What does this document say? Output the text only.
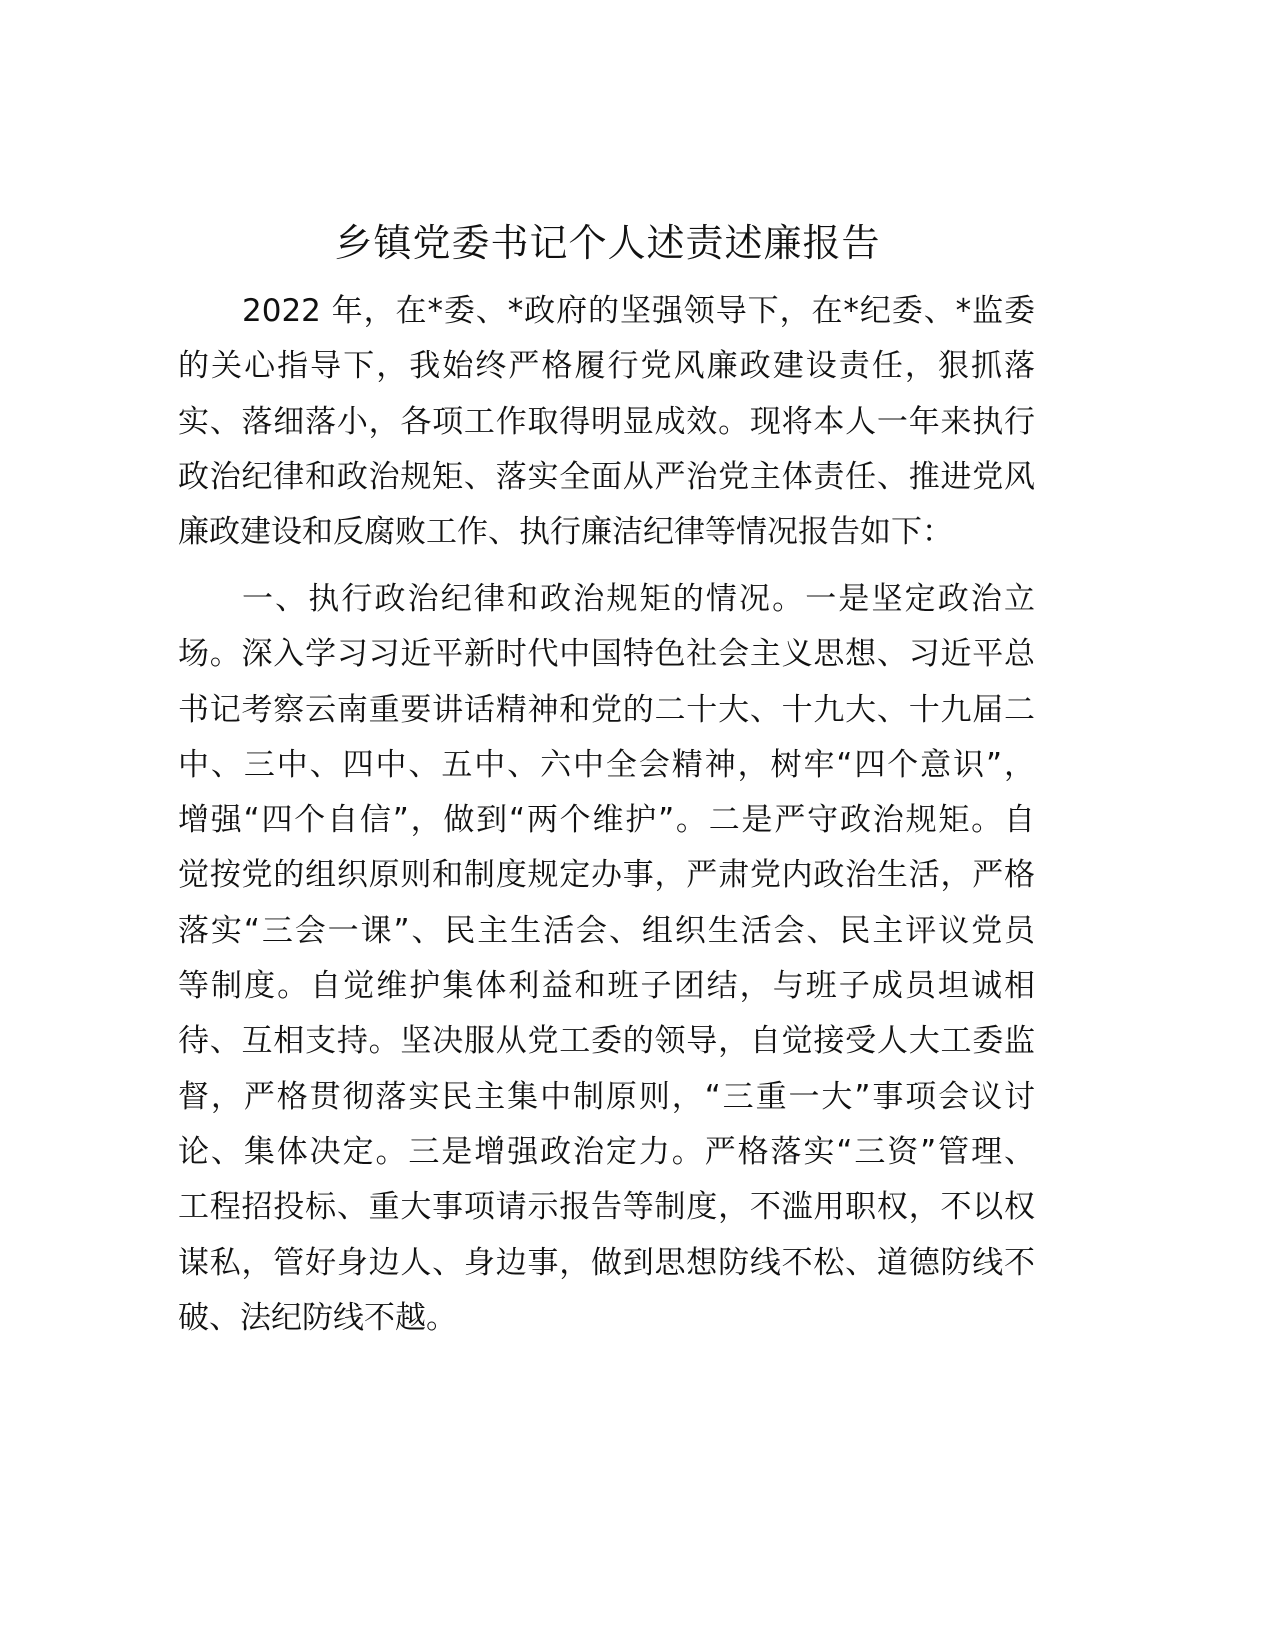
乡镇党委书记个人述责述廉报告
2022 年，在*委、*政府的坚强领导下，在*纪委、*监委
的关心指导下，我始终严格履行党风廉政建设责任，狠抓落
实、落细落小，各项工作取得明显成效。现将本人一年来执行
政治纪律和政治规矩、落实全面从严治党主体责任、推进党风
廉政建设和反腐败工作、执行廉洁纪律等情况报告如下：
一、执行政治纪律和政治规矩的情况。一是坚定政治立
场。深入学习习近平新时代中国特色社会主义思想、习近平总
书记考察云南重要讲话精神和党的二十大、十九大、十九届二
中、三中、四中、五中、六中全会精神，树牢“四个意识”，
增强“四个自信”，做到“两个维护”。二是严守政治规矩。自
觉按党的组织原则和制度规定办事，严肃党内政治生活，严格
落实“三会一课”、民主生活会、组织生活会、民主评议党员
等制度。自觉维护集体利益和班子团结，与班子成员坦诚相
待、互相支持。坚决服从党工委的领导，自觉接受人大工委监
督，严格贯彻落实民主集中制原则，“三重一大”事项会议讨
论、集体决定。三是增强政治定力。严格落实“三资”管理、
工程招投标、重大事项请示报告等制度，不滥用职权，不以权
谋私，管好身边人、身边事，做到思想防线不松、道德防线不
破、法纪防线不越。
